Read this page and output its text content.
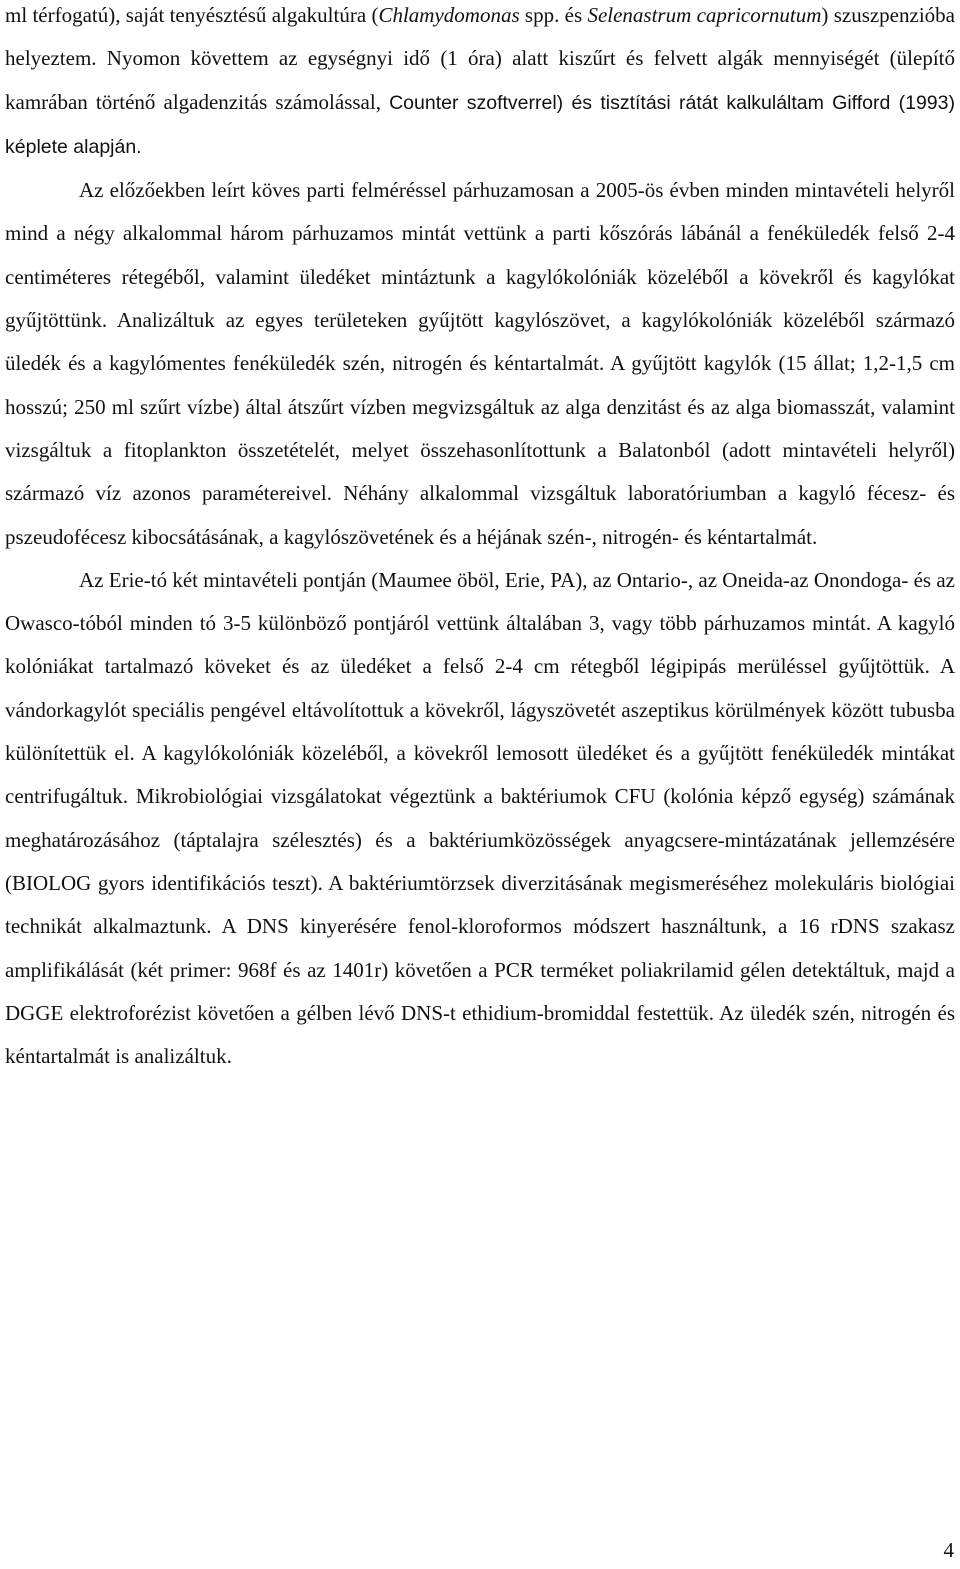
ml térfogatú), saját tenyésztésű algakultúra (Chlamydomonas spp. és Selenastrum capricornutum) szuszpenzióba helyeztem. Nyomon követtem az egységnyi idő (1 óra) alatt kiszűrt és felvett algák mennyiségét (ülepítő kamrában történő algadenzitás számolással, Counter szoftverrel) és tisztítási rátát kalkuláltam Gifford (1993) képlete alapján.

Az előzőekben leírt köves parti felméréssel párhuzamosan a 2005-ös évben minden mintavételi helyről mind a négy alkalommal három párhuzamos mintát vettünk a parti kőszórás lábánál a fenéküledék felső 2-4 centiméteres rétegéből, valamint üledéket mintáztunk a kagylókolóniák közeléből a kövekről és kagylókat gyűjtöttünk. Analizáltuk az egyes területeken gyűjtött kagylószövet, a kagylókolóniák közeléből származó üledék és a kagylómentes fenéküledék szén, nitrogén és kéntartalmát. A gyűjtött kagylók (15 állat; 1,2-1,5 cm hosszú; 250 ml szűrt vízbe) által átszűrt vízben megvizsgáltuk az alga denzitást és az alga biomasszát, valamint vizsgáltuk a fitoplankton összetételét, melyet összehasonlítottunk a Balatonból (adott mintavételi helyről) származó víz azonos paramétereivel. Néhány alkalommal vizsgáltuk laboratóriumban a kagyló fécesz- és pszeudofécesz kibocsátásának, a kagylószövetének és a héjának szén-, nitrogén- és kéntartalmát.

Az Erie-tó két mintavételi pontján (Maumee öböl, Erie, PA), az Ontario-, az Oneida-az Onondoga- és az Owasco-tóból minden tó 3-5 különböző pontjáról vettünk általában 3, vagy több párhuzamos mintát. A kagyló kolóniákat tartalmazó köveket és az üledéket a felső 2-4 cm rétegből légipipás merüléssel gyűjtöttük. A vándorkagylót speciális pengével eltávolítottuk a kövekről, lágyszövetét aszeptikus körülmények között tubusba különítettük el. A kagylókolóniák közeléből, a kövekről lemosott üledéket és a gyűjtött fenéküledék mintákat centrifugáltuk. Mikrobiológiai vizsgálatokat végeztünk a baktériumok CFU (kolónia képző egység) számának meghatározásához (táptalajra szélesztés) és a baktériumközösségek anyagcsere-mintázatának jellemzésére (BIOLOG gyors identifikációs teszt). A baktériumtörzsek diverzitásának megismeréséhez molekuláris biológiai technikát alkalmaztunk. A DNS kinyerésére fenol-kloroformos módszert használtunk, a 16 rDNS szakasz amplifikálását (két primer: 968f és az 1401r) követően a PCR terméket poliakrilamid gélen detektáltuk, majd a DGGE elektroforézist követően a gélben lévő DNS-t ethidium-bromiddal festettük. Az üledék szén, nitrogén és kéntartalmát is analizáltuk.

4
